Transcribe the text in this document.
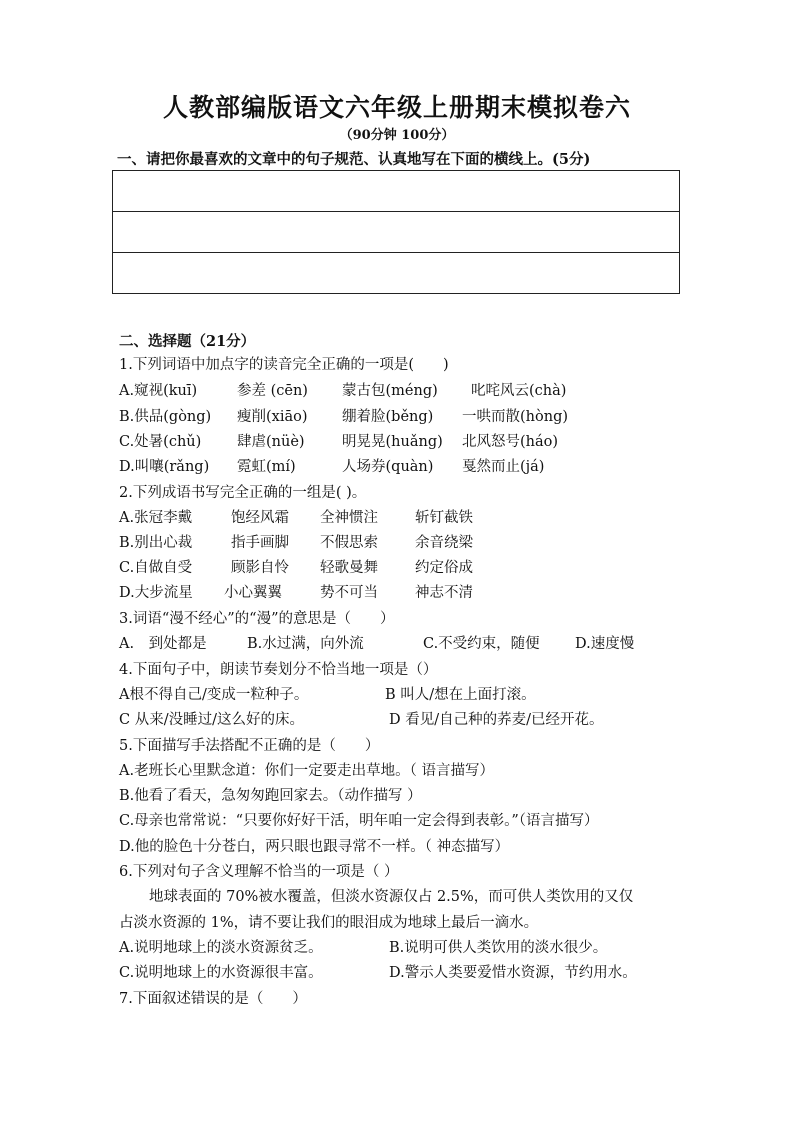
人教部编版语文六年级上册期末模拟卷六
（90分钟 100分）
一、请把你最喜欢的文章中的句子规范、认真地写在下面的横线上。(5分)
二、选择题（21分）
1.下列词语中加点字的读音完全正确的一项是(　　)
A.窥视(kuī)	参差 (cēn) 蒙古包(méng) 叱咤风云(chà)
B.供品(gòng) 瘦削(xiāo) 绷着脸(běng) 一哄而散(hòng)
C.处暑(chǔ) 肆虐(nüè)	明晃晃(huǎng) 北风怒号(háo)
D.叫嚷(rǎng) 霓虹(mí)	人场券(quàn) 戛然而止(já)
2.下列成语书写完全正确的一组是( )。
A.张冠李戴	饱经风霜 全神惯注	斩钉截铁
B.别出心裁	指手画脚 不假思索	余音绕梁
C.自做自受	顾影自怜 轻歌曼舞	约定俗成
D.大步流星 小心翼翼	势不可当	神志不清
3.词语“漫不经心”的“漫”的意思是（　　）
A.　到处都是	B.水过满，向外流	C.不受约束，随便 D.速度慢
4.下面句子中，朗读节奏划分不恰当地一项是（）
A根不得自己/变成一粒种子。	B 叫人/想在上面打滚。
C 从来/没睡过/这么好的床。	D 看见/自己种的荞麦/已经开花。
5.下面描写手法搭配不正确的是（　　）
A.老班长心里默念道：你们一定要走出草地。（ 语言描写）
B.他看了看天，急匆匆跑回家去。（动作描写 ）
C.母亲也常常说：“只要你好好干活，明年咱一定会得到表彰。”（语言描写）
D.他的脸色十分苍白，两只眼也跟寻常不一样。（ 神态描写）
6.下列对句子含义理解不恰当的一项是（ ）
地球表面的 70%被水覆盖，但淡水资源仅占 2.5%，而可供人类饮用的又仅
占淡水资源的 1%，请不要让我们的眼泪成为地球上最后一滴水。
A.说明地球上的淡水资源贫乏。	B.说明可供人类饮用的淡水很少。
C.说明地球上的水资源很丰富。	D.警示人类要爱惜水资源，节约用水。
7.下面叙述错误的是（　　）
